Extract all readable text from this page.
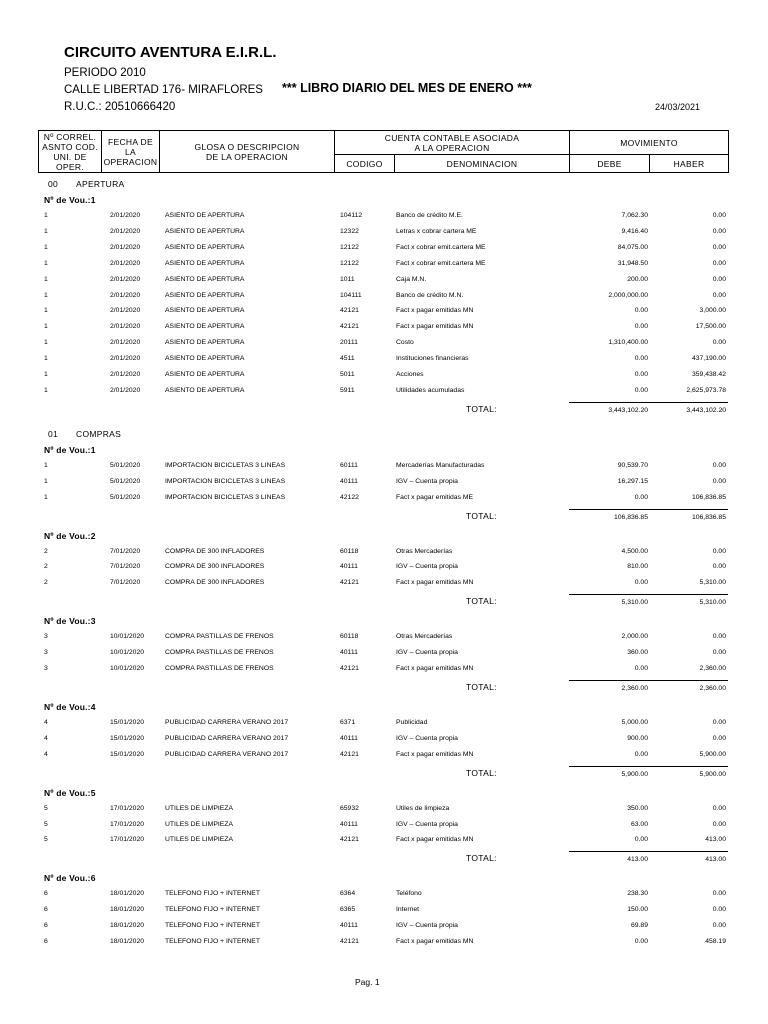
CIRCUITO AVENTURA E.I.R.L.
PERIODO 2010
CALLE LIBERTAD 176- MIRAFLORES
R.U.C.: 20510666420
*** LIBRO DIARIO DEL MES DE ENERO ***
24/03/2021
Nº CORREL.
ASNTO COD.
UNI. DE
OPER.
FECHA DE
LA
OPERACION
GLOSA O DESCRIPCION
DE LA OPERACION
CUENTA CONTABLE ASOCIADA
A LA OPERACION
CODIGO	DENOMINACION
MOVIMIENTO
DEBE	HABER
00 APERTURA
Nº de Vou.:1
1	2/01/2020	ASIENTO DE APERTURA	104112	Banco de crédito M.E.	7,062.30	0.00
1	2/01/2020	ASIENTO DE APERTURA	12322	Letras x cobrar cartera ME	9,416.40	0.00
1	2/01/2020	ASIENTO DE APERTURA	12122	Fact x cobrar emit.cartera ME	84,075.00	0.00
1	2/01/2020	ASIENTO DE APERTURA	12122	Fact x cobrar emit.cartera ME	31,948.50	0.00
1	2/01/2020	ASIENTO DE APERTURA	1011	Caja M.N.	200.00	0.00
1	2/01/2020	ASIENTO DE APERTURA	104111	Banco de crédito M.N.	2,000,000.00	0.00
1	2/01/2020	ASIENTO DE APERTURA	42121	Fact x pagar emitidas MN	0.00	3,000.00
1	2/01/2020	ASIENTO DE APERTURA	42121	Fact x pagar emitidas MN	0.00	17,500.00
1	2/01/2020	ASIENTO DE APERTURA	20111	Costo	1,310,400.00	0.00
1	2/01/2020	ASIENTO DE APERTURA	4511	Instituciones financieras	0.00	437,190.00
1	2/01/2020	ASIENTO DE APERTURA	5011	Acciones	0.00	359,438.42
1	2/01/2020	ASIENTO DE APERTURA	5911	Utilidades acumuladas	0.00	2,625,973.78
TOTAL:	3,443,102.20	3,443,102.20
01 COMPRAS
Nº de Vou.:1
1	5/01/2020	IMPORTACION BICICLETAS 3 LINEAS	60111	Mercaderías Manufacturadas	90,539.70	0.00
1	5/01/2020	IMPORTACION BICICLETAS 3 LINEAS	40111	IGV – Cuenta propia	16,297.15	0.00
1	5/01/2020	IMPORTACION BICICLETAS 3 LINEAS	42122	Fact x pagar emitidas ME	0.00	106,836.85
TOTAL:	106,836.85	106,836.85
Nº de Vou.:2
2	7/01/2020	COMPRA DE 300 INFLADORES	60118	Otras Mercaderías	4,500.00	0.00
2	7/01/2020	COMPRA DE 300 INFLADORES	40111	IGV – Cuenta propia	810.00	0.00
2	7/01/2020	COMPRA DE 300 INFLADORES	42121	Fact x pagar emitidas MN	0.00	5,310.00
TOTAL:	5,310.00	5,310.00
Nº de Vou.:3
3	10/01/2020	COMPRA PASTILLAS DE FRENOS	60118	Otras Mercaderías	2,000.00	0.00
3	10/01/2020	COMPRA PASTILLAS DE FRENOS	40111	IGV – Cuenta propia	360.00	0.00
3	10/01/2020	COMPRA PASTILLAS DE FRENOS	42121	Fact x pagar emitidas MN	0.00	2,360.00
TOTAL:	2,360.00	2,360.00
Nº de Vou.:4
4	15/01/2020	PUBLICIDAD CARRERA VERANO 2017	6371	Publicidad	5,000.00	0.00
4	15/01/2020	PUBLICIDAD CARRERA VERANO 2017	40111	IGV – Cuenta propia	900.00	0.00
4	15/01/2020	PUBLICIDAD CARRERA VERANO 2017	42121	Fact x pagar emitidas MN	0.00	5,900.00
TOTAL:	5,900.00	5,900.00
Nº de Vou.:5
5	17/01/2020	UTILES DE LIMPIEZA	65932	Utiles de limpieza	350.00	0.00
5	17/01/2020	UTILES DE LIMPIEZA	40111	IGV – Cuenta propia	63.00	0.00
5	17/01/2020	UTILES DE LIMPIEZA	42121	Fact x pagar emitidas MN	0.00	413.00
TOTAL:	413.00	413.00
Nº de Vou.:6
6	18/01/2020	TELEFONO FIJO + INTERNET	6364	Teléfono	238.30	0.00
6	18/01/2020	TELEFONO FIJO + INTERNET	6365	Internet	150.00	0.00
6	18/01/2020	TELEFONO FIJO + INTERNET	40111	IGV – Cuenta propia	69.89	0.00
6	18/01/2020	TELEFONO FIJO + INTERNET	42121	Fact x pagar emitidas MN	0.00	458.19
Pag. 1
